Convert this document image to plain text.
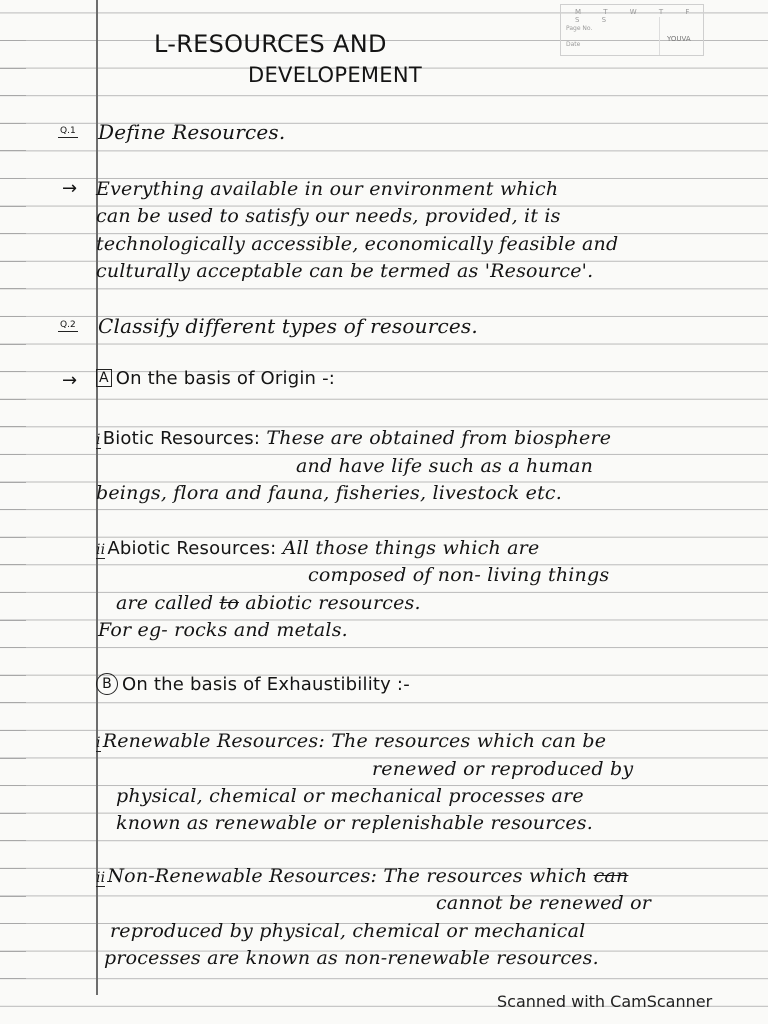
M T W T F S S
Page No.
Date
YOUVA
L-RESOURCES AND
DEVELOPEMENT
Q.1 Define Resources.
→ Everything available in our environment which
can be used to satisfy our needs, provided, it is
technologically accessible, economically feasible and
culturally acceptable can be termed as 'Resource'.
Q.2 Classify different types of resources.
→ A On the basis of Origin -:
i Biotic Resources: These are obtained from biosphere
and have life such as a human
beings, flora and fauna, fisheries, livestock etc.
ii Abiotic Resources: All those things which are
composed of non- living things
are called to abiotic resources.
For eg- rocks and metals.
B On the basis of Exhaustibility :-
i Renewable Resources: The resources which can be
renewed or reproduced by
physical, chemical or mechanical processes are
known as renewable or replenishable resources.
ii Non-Renewable Resources: The resources which can
cannot be renewed or
reproduced by physical, chemical or mechanical
processes are known as non-renewable resources.
Scanned with CamScanner
